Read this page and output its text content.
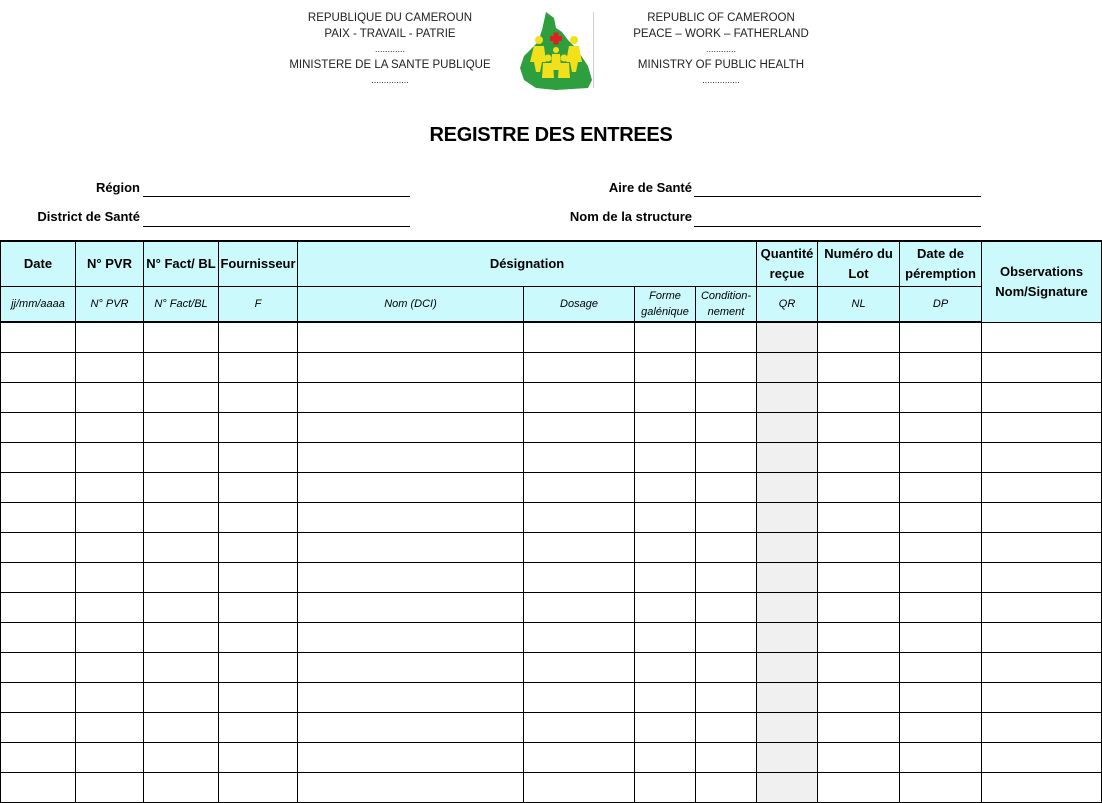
REPUBLIQUE DU CAMEROUN
PAIX - TRAVAIL - PATRIE
............
MINISTERE DE LA SANTE PUBLIQUE
...............
REPUBLIC OF CAMEROON
PEACE – WORK – FATHERLAND
............
MINISTRY OF PUBLIC HEALTH
...............
REGISTRE DES ENTREES
Région
District de Santé
Aire de Santé
Nom de la structure
Date	N° PVR	N° Fact/ BL	Fournisseur	Désignation				Quantité reçue	Numéro du Lot	Date de péremption	Observations Nom/Signature
jj/mm/aaaa	N° PVR	N° Fact/BL	F	Nom (DCI)	Dosage	Forme galénique	Condition-nement	QR	NL	DP	
